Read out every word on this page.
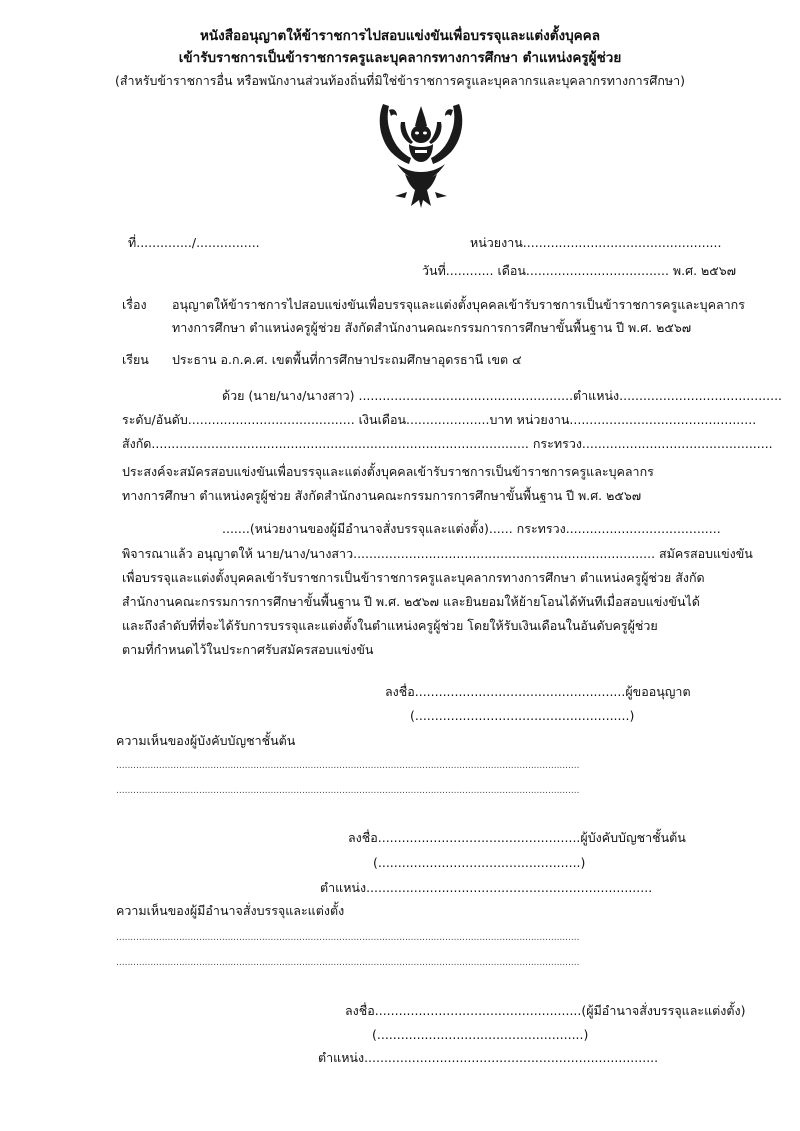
หนังสืออนุญาตให้ข้าราชการไปสอบแข่งขันเพื่อบรรจุและแต่งตั้งบุคคล
เข้ารับราชการเป็นข้าราชการครูและบุคลากรทางการศึกษา ตำแหน่งครูผู้ช่วย
(สำหรับข้าราชการอื่น หรือพนักงานส่วนท้องถิ่นที่มิใช่ข้าราชการครูและบุคลากรและบุคลากรทางการศึกษา)
ที่............../................	หน่วยงาน..................................................
วันที่............ เดือน.................................... พ.ศ. ๒๕๖๗
เรื่อง อนุญาตให้ข้าราชการไปสอบแข่งขันเพื่อบรรจุและแต่งตั้งบุคคลเข้ารับราชการเป็นข้าราชการครูและบุคลากร
ทางการศึกษา ตำแหน่งครูผู้ช่วย สังกัดสำนักงานคณะกรรมการการศึกษาขั้นพื้นฐาน ปี พ.ศ. ๒๕๖๗
เรียน ประธาน อ.ก.ค.ศ. เขตพื้นที่การศึกษาประถมศึกษาอุดรธานี เขต ๔
ด้วย (นาย/นาง/นางสาว) ......................................................ตำแหน่ง.........................................
ระดับ/อันดับ.......................................... เงินเดือน.....................บาท หน่วยงาน...............................................
สังกัด............................................................................................... กระทรวง................................................
ประสงค์จะสมัครสอบแข่งขันเพื่อบรรจุและแต่งตั้งบุคคลเข้ารับราชการเป็นข้าราชการครูและบุคลากร
ทางการศึกษา ตำแหน่งครูผู้ช่วย สังกัดสำนักงานคณะกรรมการการศึกษาขั้นพื้นฐาน ปี พ.ศ. ๒๕๖๗
.......(หน่วยงานของผู้มีอำนาจสั่งบรรจุและแต่งตั้ง)...... กระทรวง.......................................
พิจารณาแล้ว อนุญาตให้ นาย/นาง/นางสาว............................................................................ สมัครสอบแข่งขัน
เพื่อบรรจุและแต่งตั้งบุคคลเข้ารับราชการเป็นข้าราชการครูและบุคลากรทางการศึกษา ตำแหน่งครูผู้ช่วย สังกัด
สำนักงานคณะกรรมการการศึกษาขั้นพื้นฐาน ปี พ.ศ. ๒๕๖๗ และยินยอมให้ย้ายโอนได้ทันทีเมื่อสอบแข่งขันได้
และถึงลำดับที่ที่จะได้รับการบรรจุและแต่งตั้งในตำแหน่งครูผู้ช่วย โดยให้รับเงินเดือนในอันดับครูผู้ช่วย
ตามที่กำหนดไว้ในประกาศรับสมัครสอบแข่งขัน
ลงชื่อ.....................................................ผู้ขออนุญาต
(......................................................)
ความเห็นของผู้บังคับบัญชาชั้นต้น
..................................................................................................................................................................
..................................................................................................................................................................
ลงชื่อ...................................................ผู้บังคับบัญชาชั้นต้น
(...................................................)
ตำแหน่ง........................................................................
ความเห็นของผู้มีอำนาจสั่งบรรจุและแต่งตั้ง
..................................................................................................................................................................
..................................................................................................................................................................
ลงชื่อ....................................................(ผู้มีอำนาจสั่งบรรจุและแต่งตั้ง)
(....................................................)
ตำแหน่ง..........................................................................
